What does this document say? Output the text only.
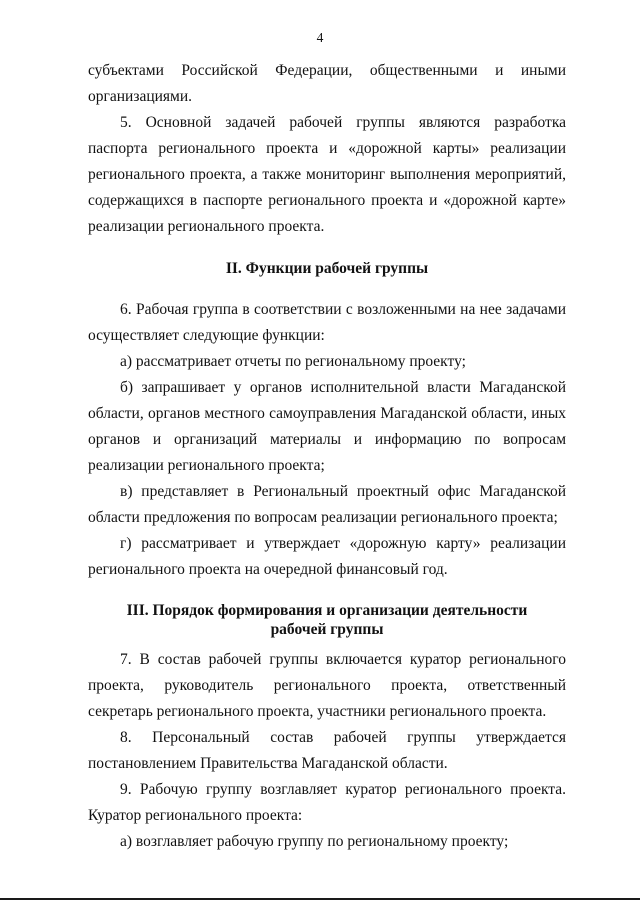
4

субъектами Российской Федерации, общественными и иными

организациями.

5. Основной задачей рабочей группы являются разработка паспорта регионального проекта и «дорожной карты» реализации регионального проекта, а также мониторинг выполнения мероприятий, содержащихся в паспорте регионального проекта и «дорожной карте» реализации регионального проекта.

II. Функции рабочей группы

6. Рабочая группа в соответствии с возложенными на нее задачами осуществляет следующие функции:

а) рассматривает отчеты по региональному проекту;

б) запрашивает у органов исполнительной власти Магаданской области, органов местного самоуправления Магаданской области, иных органов и организаций материалы и информацию по вопросам реализации регионального проекта;

в) представляет в Региональный проектный офис Магаданской области предложения по вопросам реализации регионального проекта;

г) рассматривает и утверждает «дорожную карту» реализации регионального проекта на очередной финансовый год.

III. Порядок формирования и организации деятельности

рабочей группы

7. В состав рабочей группы включается куратор регионального проекта, руководитель регионального проекта, ответственный секретарь регионального проекта, участники регионального проекта.

8. Персональный состав рабочей группы утверждается постановлением Правительства Магаданской области.

9. Рабочую группу возглавляет куратор регионального проекта. Куратор регионального проекта:

а) возглавляет рабочую группу по региональному проекту;
